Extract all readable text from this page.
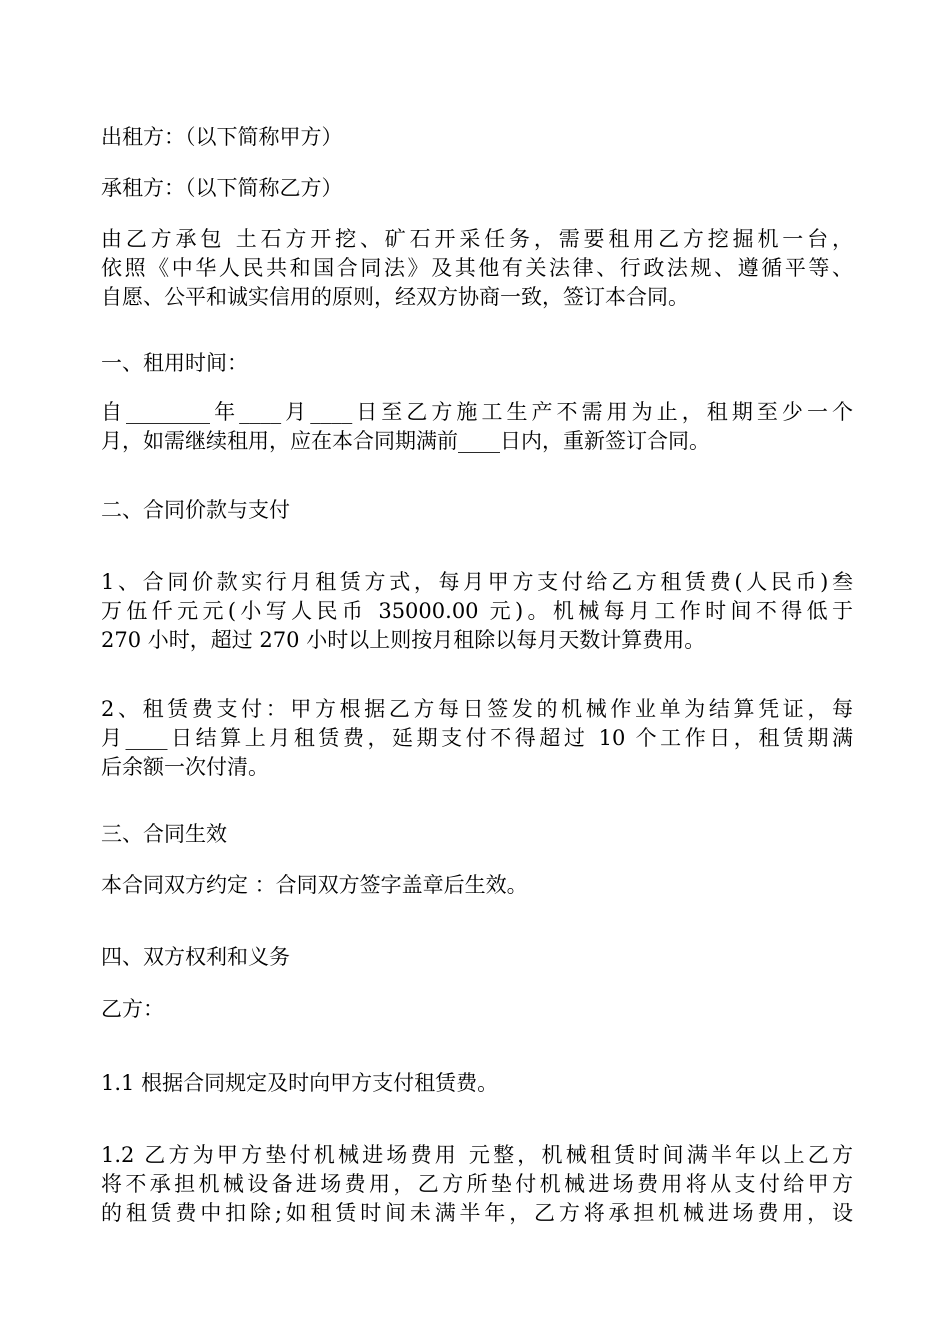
出租方：（以下简称甲方）

承租方：（以下简称乙方）

由乙方承包 土石方开挖、矿石开采任务，需要租用乙方挖掘机一台，
依照《中华人民共和国合同法》及其他有关法律、行政法规、遵循平等、
自愿、公平和诚实信用的原则，经双方协商一致，签订本合同。

一、租用时间：

自________年____月____日至乙方施工生产不需用为止，租期至少一个
月，如需继续租用，应在本合同期满前____日内，重新签订合同。

二、合同价款与支付

1、合同价款实行月租赁方式，每月甲方支付给乙方租赁费(人民币)叁
万伍仟元元(小写人民币 35000.00 元)。机械每月工作时间不得低于
270 小时，超过 270 小时以上则按月租除以每月天数计算费用。
2、租赁费支付：甲方根据乙方每日签发的机械作业单为结算凭证，每
月____日结算上月租赁费，延期支付不得超过 10 个工作日，租赁期满
后余额一次付清。

三、合同生效

本合同双方约定 ：合同双方签字盖章后生效。

四、双方权利和义务

乙方：

1.1 根据合同规定及时向甲方支付租赁费。

1.2 乙方为甲方垫付机械进场费用 元整，机械租赁时间满半年以上乙方
将不承担机械设备进场费用，乙方所垫付机械进场费用将从支付给甲方
的租赁费中扣除;如租赁时间未满半年，乙方将承担机械进场费用，设
